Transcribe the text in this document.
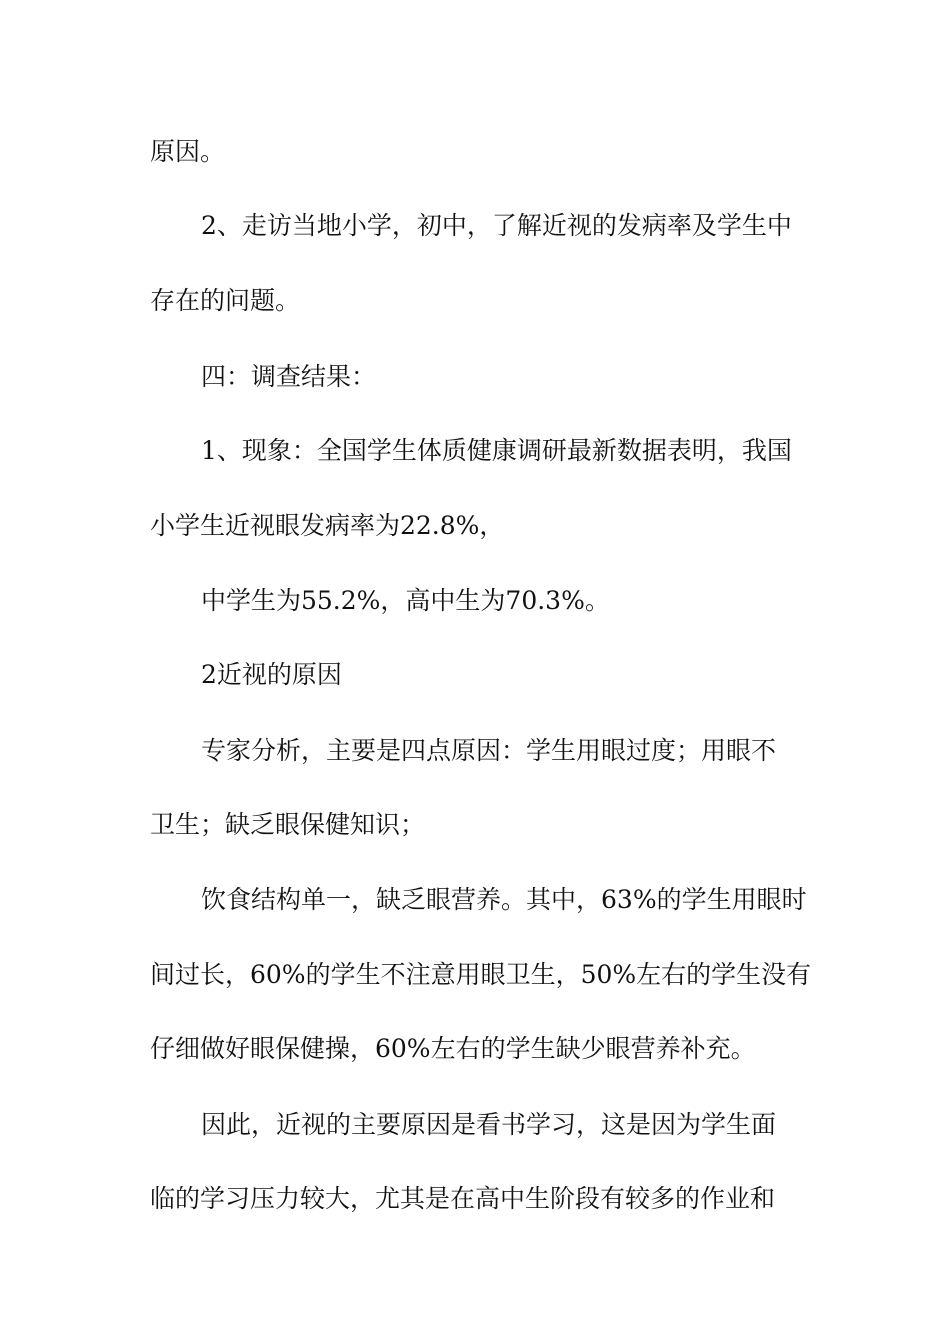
原因。
2、走访当地小学，初中，了解近视的发病率及学生中
存在的问题。
四：调查结果：
1、现象：全国学生体质健康调研最新数据表明，我国
小学生近视眼发病率为22.8%，
中学生为55.2%，高中生为70.3%。
2近视的原因
专家分析，主要是四点原因：学生用眼过度；用眼不
卫生；缺乏眼保健知识；
饮食结构单一，缺乏眼营养。其中，63%的学生用眼时
间过长，60%的学生不注意用眼卫生，50%左右的学生没有
仔细做好眼保健操，60%左右的学生缺少眼营养补充。
因此，近视的主要原因是看书学习，这是因为学生面
临的学习压力较大，尤其是在高中生阶段有较多的作业和
